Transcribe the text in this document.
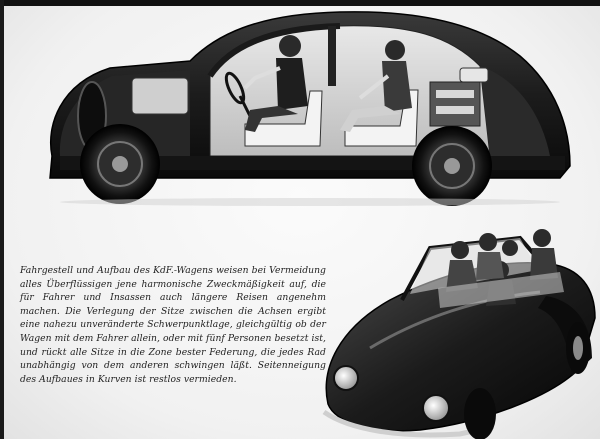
Fahrgestell und Aufbau des KdF.-Wagens weisen bei Vermeidung alles Überflüssigen jene harmonische Zweckmäßigkeit auf, die für Fahrer und Insassen auch längere Reisen angenehm machen. Die Verlegung der Sitze zwischen die Achsen ergibt eine nahezu unveränderte Schwerpunktlage, gleichgültig ob der Wagen mit dem Fahrer allein, oder mit fünf Personen besetzt ist, und rückt alle Sitze in die Zone bester Federung, die jedes Rad unabhängig von dem anderen schwingen läßt. Seitenneigung des Aufbaues in Kurven ist restlos vermieden.
